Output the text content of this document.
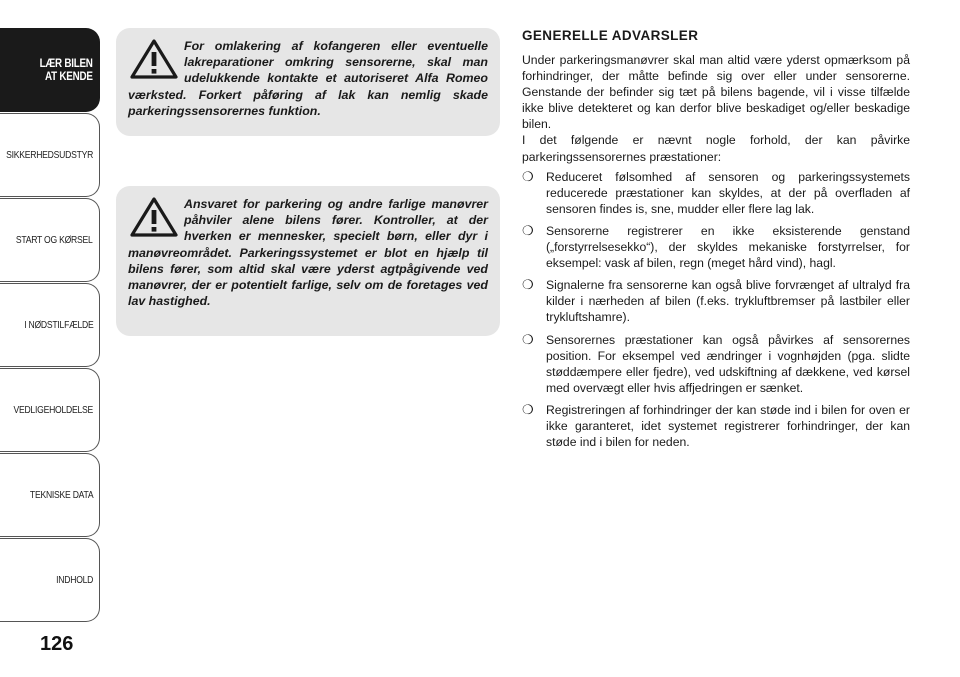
LÆR BILEN
AT KENDE
SIKKERHEDSUDSTYR
START OG KØRSEL
I NØDSTILFÆLDE
VEDLIGEHOLDELSE
TEKNISKE DATA
INDHOLD
126

For omlakering af kofangeren eller eventuelle lakreparationer omkring sensorerne, skal man udelukkende kontakte et autoriseret Alfa Romeo værksted. Forkert påføring af lak kan nemlig skade parkeringssensorernes funktion.

Ansvaret for parkering og andre farlige manøvrer påhviler alene bilens fører. Kontroller, at der hverken er mennesker, specielt børn, eller dyr i manøvreområdet. Parkeringssystemet er blot en hjælp til bilens fører, som altid skal være yderst agtpågivende ved manøvrer, der er potentielt farlige, selv om de foretages ved lav hastighed.

GENERELLE ADVARSLER

Under parkeringsmanøvrer skal man altid være yderst opmærksom på forhindringer, der måtte befinde sig over eller under sensorerne. Genstande der befinder sig tæt på bilens bagende, vil i visse tilfælde ikke blive detekteret og kan derfor blive beskadiget og/eller beskadige bilen.

I det følgende er nævnt nogle forhold, der kan påvirke parkeringssensorernes præstationer:

❍ Reduceret følsomhed af sensoren og parkeringssystemets reducerede præstationer kan skyldes, at der på overfladen af sensoren findes is, sne, mudder eller flere lag lak.
❍ Sensorerne registrerer en ikke eksisterende genstand („forstyrrelsesekko“), der skyldes mekaniske forstyrrelser, for eksempel: vask af bilen, regn (meget hård vind), hagl.
❍ Signalerne fra sensorerne kan også blive forvrænget af ultralyd fra kilder i nærheden af bilen (f.eks. trykluftbremser på lastbiler eller trykluftshamre).
❍ Sensorernes præstationer kan også påvirkes af sensorernes position. For eksempel ved ændringer i vognhøjden (pga. slidte støddæmpere eller fjedre), ved udskiftning af dækkene, ved kørsel med overvægt eller hvis affjedringen er sænket.
❍ Registreringen af forhindringer der kan støde ind i bilen for oven er ikke garanteret, idet systemet registrerer forhindringer, der kan støde ind i bilen for neden.
